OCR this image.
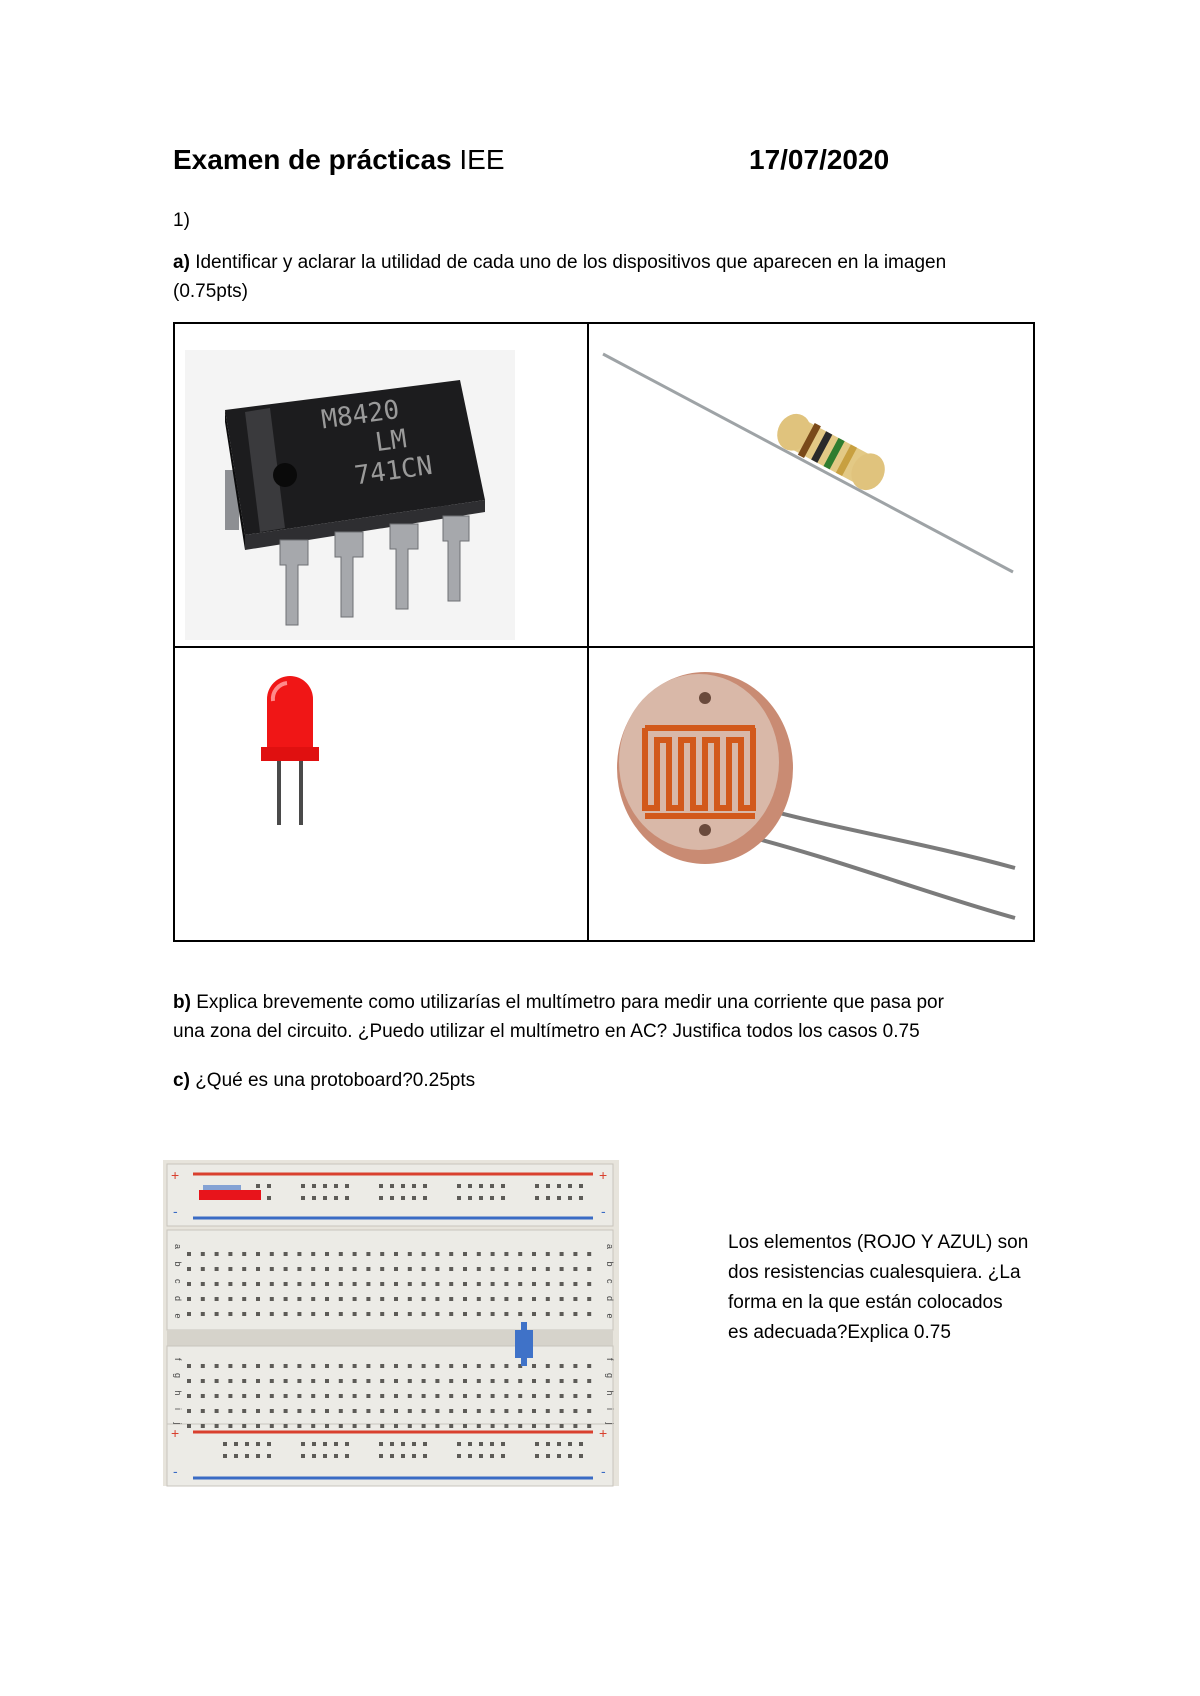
Examen de prácticas IEE	17/07/2020
1)
a) Identificar y aclarar la utilidad de cada uno de los dispositivos que aparecen en la imagen
(0.75pts)
M8420
LM
741CN
b) Explica brevemente como utilizarías el multímetro para medir una corriente que pasa por
una zona del circuito. ¿Puedo utilizar el multímetro en AC? Justifica todos los casos 0.75
c) ¿Qué es una protoboard?0.25pts
+	+
-	-
+	+
-	-
a b c d e	a b c d e
f g h i j	f g h i j
Los elementos (ROJO Y AZUL) son
dos resistencias cualesquiera. ¿La
forma en la que están colocados
es adecuada?Explica 0.75
